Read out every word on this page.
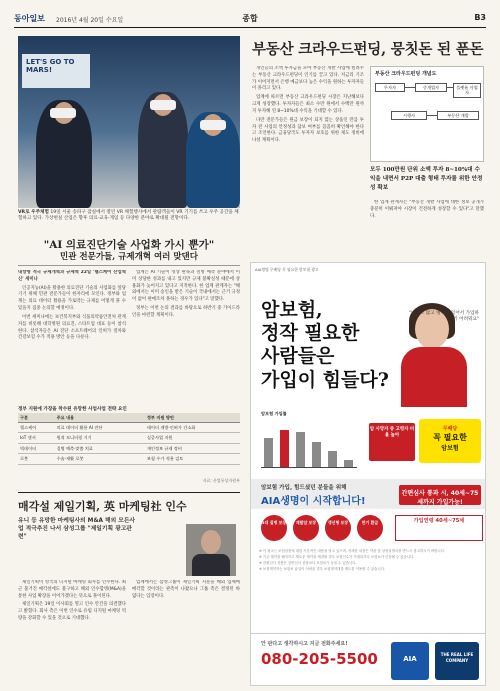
동아일보 2016년 4월 20일 수요일	종합	B3
LET'S GO TO MARS!
VR로 우주체험 19일 서울 송파구 잠실에서 열린 VR 체험행사에서 관람객들이 VR 기기를 쓰고 우주 공간을 체험하고 있다. 가상현실 산업은 향후 의료·교육·게임 등 다양한 분야로 확대될 전망이다.
"AI 의료진단기술 사업화 가시 뿐가"
민관 전문가들, 규제개혁 여러 맞댄다

내향형 적극 규제개혁과 규제혁 22일 '헬스케어 산업혁신' 세미나

인공지능(AI)을 활용한 의료진단 기술의 사업화를 앞당기기 위해 민관 전문가들이 한자리에 모인다. 정부와 업계는 의료 데이터 활용을 가로막는 규제를 어떻게 풀 수 있을지 집중 논의할 예정이다.

이번 세미나에는 보건복지부와 식품의약품안전처 관계자를 비롯해 대학병원 의료진, 스타트업 대표 등이 참석한다. 참석자들은 AI 진단 소프트웨어의 인허가 절차와 건강보험 수가 적용 방안 등을 다룬다.

업계는 AI 기술이 영상 판독과 질병 예측 분야에서 이미 상당한 성과를 내고 있지만 규제 불확실성 때문에 상용화가 늦어지고 있다고 지적한다. 한 업계 관계자는 "해외에서는 이미 승인을 받은 기술이 국내에서는 근거 규정이 없어 판매조차 못하는 경우가 있다"고 말했다.

정부는 이번 논의 결과를 바탕으로 하반기 중 가이드라인을 마련할 계획이다.

정부 지원에 가장을 착수된 유망한 사업사업 전략 요인
구분	주요 내용	정부 지원 방안
헬스케어	의료 데이터 활용 AI 진단	데이터 개방·인허가 간소화
IoT 센서	원격 모니터링 기기	실증사업 지원
빅데이터	질병 예측·맞춤 치료	개인정보 규제 정비
로봇	수술·재활 로봇	보험 수가 적용 검토
자료: 산업통상자원부
매각설 제일기획, 英 마케팅社 인수
유니 등 유망한 마케팅사의 M&A 해외 모든사업 적극추진 나서 삼성그룹 "제일기획 광고관련"

제일기획이 영국의 디지털 마케팅 회사를 인수한다. 최근 불거진 매각설에도 불구하고 해외 인수합병(M&A)을 통한 사업 확장을 이어가겠다는 뜻으로 풀이된다.

제일기획은 19일 이사회를 열고 인수 안건을 의결했다고 밝혔다. 회사 측은 이번 인수로 유럽 디지털 마케팅 역량을 강화할 수 있을 것으로 기대했다.

업계에서는 삼성그룹이 제일기획 지분을 해외 업체에 매각할 것이라는 관측이 나왔으나 그룹 측은 결정된 바 없다는 입장이다.

부동산 크라우드펀딩, 뭉칫돈 된 푼돈

개인들의 소액 투자금을 모아 부동산 개발 사업에 빌려주는 부동산 크라우드펀딩이 인기를 끌고 있다. 저금리 기조가 이어지면서 은행 예금보다 높은 수익을 원하는 투자자들이 몰리고 있다.

업계에 따르면 부동산 크라우드펀딩 시장은 지난해보다 크게 성장했다. 투자자들은 최소 수만 원에서 수백만 원까지 투자해 연 8~10%대 수익을 기대할 수 있다.

다만 전문가들은 원금 보장이 되지 않는 상품인 만큼 투자 전 사업의 안정성과 담보 여부를 꼼꼼히 확인해야 한다고 조언한다. 금융당국도 투자자 보호를 위한 제도 정비에 나설 계획이다.

부동산 크라우드펀딩 개념도
투자자	중개업자	플랫폼 사업자
시행사	부동산 개발
모두 100만원 단위 소액 투자 8~10%대 수익을 내면서 P2P 대출 형태 투자를 위한 안정성 확보

한 업계 관계자는 "부동산 개발 사업에 대한 정보 공개가 충분히 이뤄져야 시장이 건전하게 성장할 수 있다"고 말했다.

AIA생명 무배당 꼭 필요한 암보험 광고
암보험,
정작 필요한
사람들은
가입이 힘들다?
"나이도 많고 병력이 있어서 가입하기 어려워요"
암보험 가입률
암 사망자 중 고령자 비율 높아
무배당
꼭 필요한
암보험
암보험 가입, 힘드셨던 분들을 위해
AIA생명이 시작합니다!
간편심사 통과 시, 40세~75세까지 가입가능!
3대 질병 보장	재발암 보장	갱신형 보장	만기 환급	가입연령 40세~75세

※ 이 광고는 보험상품에 대한 기본적인 내용을 담고 있으며, 자세한 내용은 약관 및 상품설명서를 반드시 참고하시기 바랍니다.

※ 기존 계약을 해지하고 새로운 계약을 체결할 경우 보험인수가 거절되거나 보험료가 인상될 수 있습니다.

※ 간편심사 상품은 일반심사 상품보다 보험료가 높을 수 있습니다.

※ 보험계약자는 보험료 납입이 어려울 경우 보험계약대출 제도를 이용할 수 있습니다.

안 판다고 생각하시고 지금 전화주세요!
080-205-5500	AIA
THE REAL LIFE COMPANY
